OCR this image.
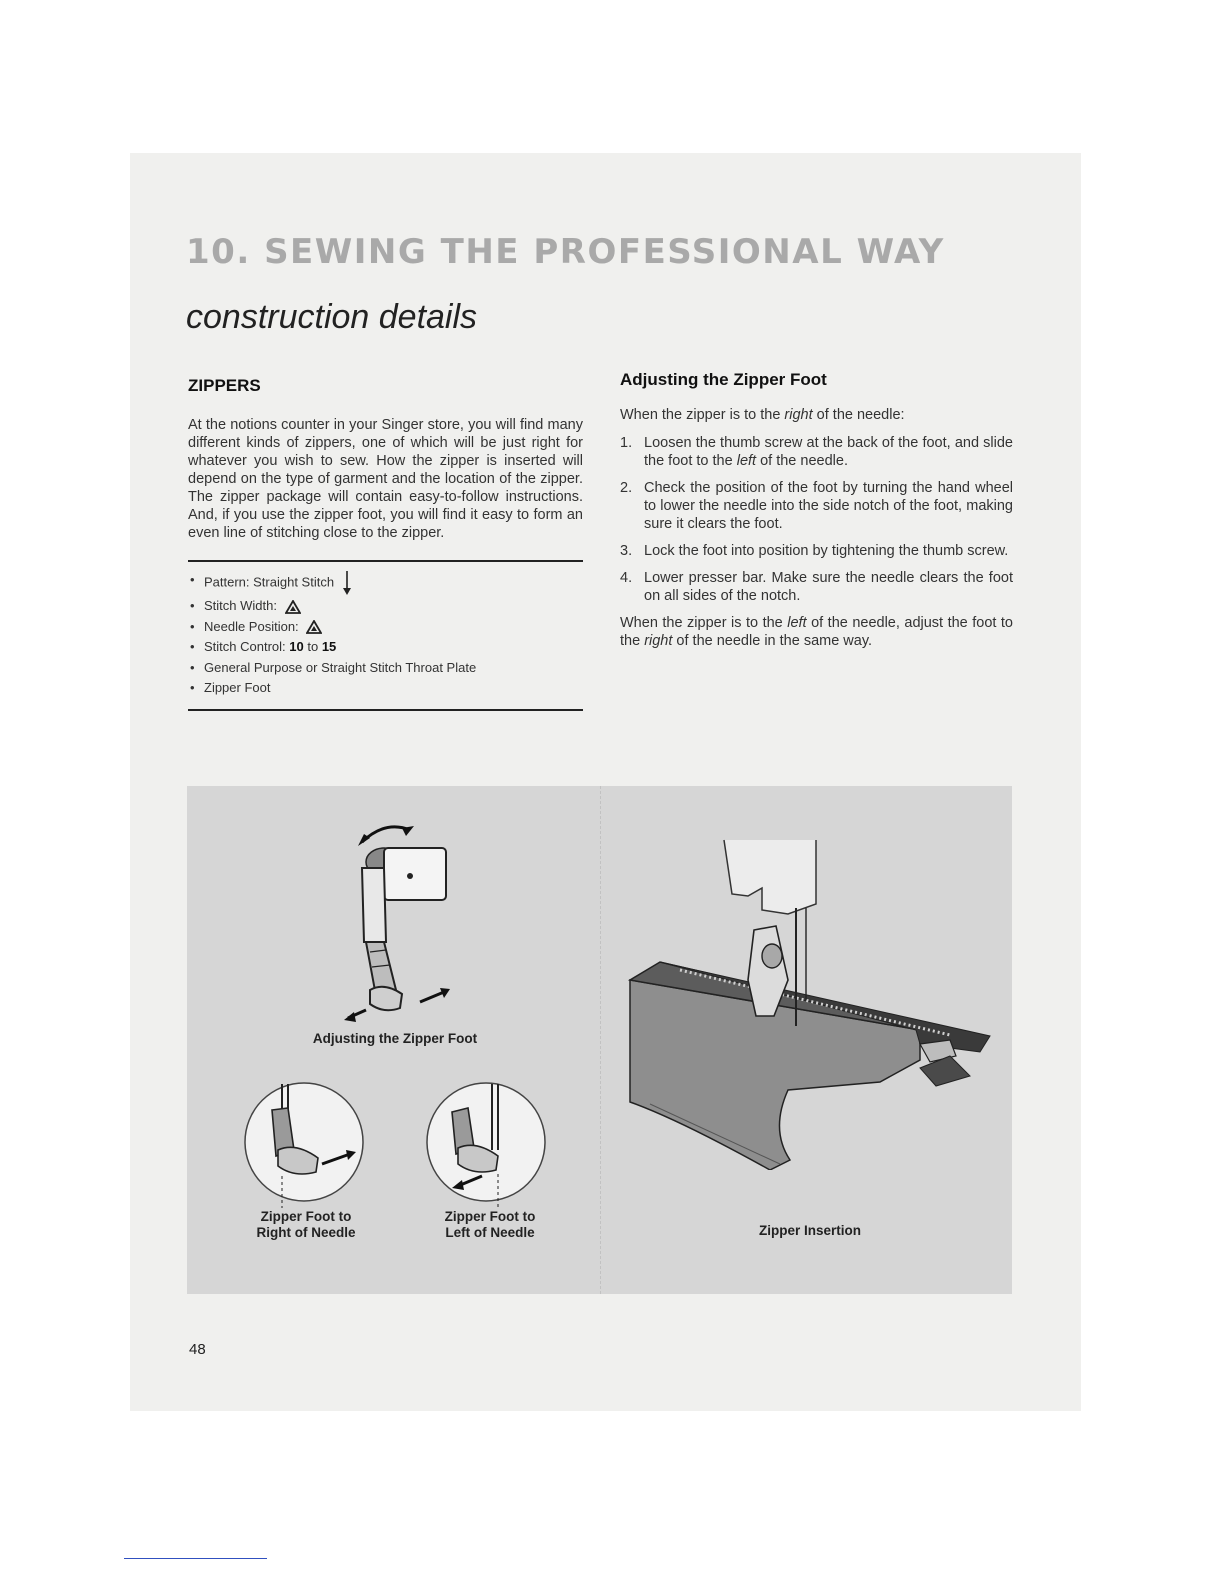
10. SEWING THE PROFESSIONAL WAY
construction details
ZIPPERS

At the notions counter in your Singer store, you will find many different kinds of zippers, one of which will be just right for whatever you wish to sew. How the zipper is inserted will depend on the type of garment and the location of the zipper. The zipper package will contain easy-to-follow instructions. And, if you use the zipper foot, you will find it easy to form an even line of stitching close to the zipper.

• Pattern: Straight Stitch
• Stitch Width:
• Needle Position:
• Stitch Control: 10 to 15
• General Purpose or Straight Stitch Throat Plate
• Zipper Foot
Adjusting the Zipper Foot

When the zipper is to the right of the needle:

1. Loosen the thumb screw at the back of the foot, and slide the foot to the left of the needle.
2. Check the position of the foot by turning the hand wheel to lower the needle into the side notch of the foot, making sure it clears the foot.
3. Lock the foot into position by tightening the thumb screw.
4. Lower presser bar. Make sure the needle clears the foot on all sides of the notch.

When the zipper is to the left of the needle, adjust the foot to the right of the needle in the same way.

Adjusting the Zipper Foot

Zipper Foot to
Right of Needle

Zipper Foot to
Left of Needle	Zipper Insertion

48
